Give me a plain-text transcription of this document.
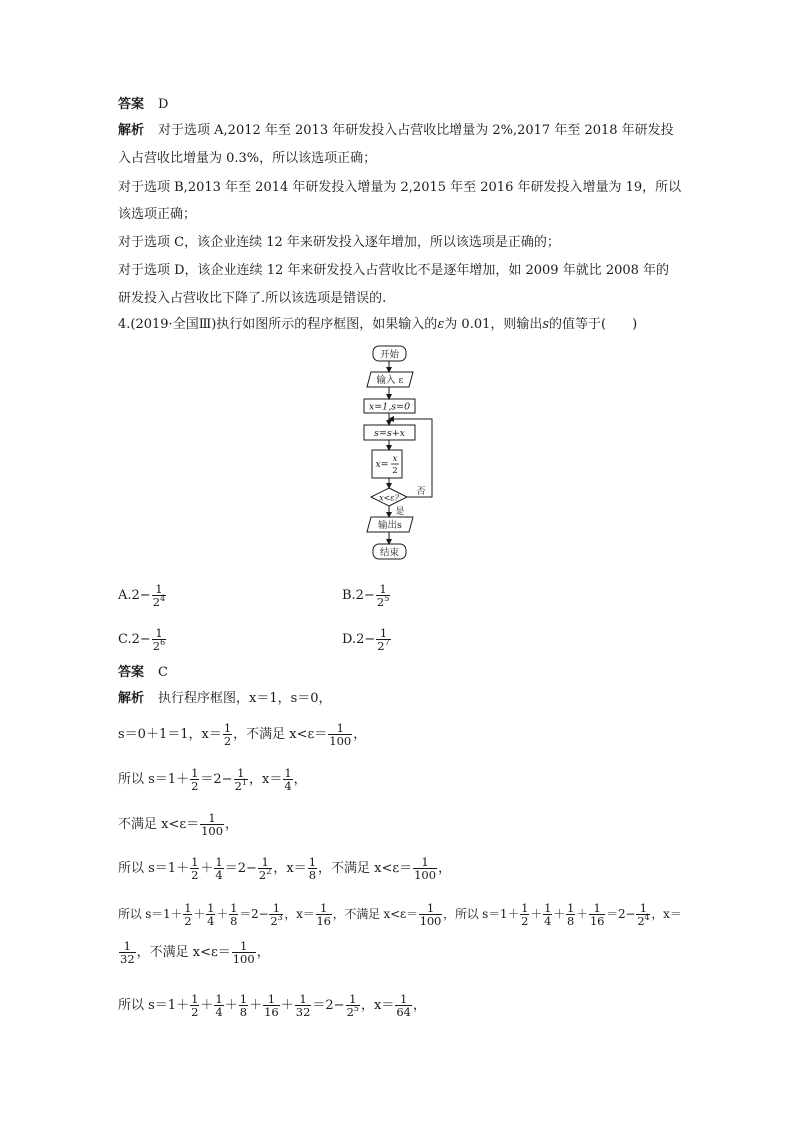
答案 D
解析 对于选项 A,2012 年至 2013 年研发投入占营收比增量为 2%,2017 年至 2018 年研发投
入占营收比增量为 0.3%，所以该选项正确；
对于选项 B,2013 年至 2014 年研发投入增量为 2,2015 年至 2016 年研发投入增量为 19，所以
该选项正确；
对于选项 C，该企业连续 12 年来研发投入逐年增加，所以该选项是正确的；
对于选项 D，该企业连续 12 年来研发投入占营收比不是逐年增加，如 2009 年就比 2008 年的
研发投入占营收比下降了.所以该选项是错误的.
4.(2019·全国Ⅲ)执行如图所示的程序框图，如果输入的ε为 0.01，则输出s的值等于(　　)
开始
输入 ε
x=1,s=0
s=s+x
x= x
2
x<ε?
输出s
结束
否
是
$A.2- \frac{1}{2^4}$	$B.2- \frac{1}{2^5}$
$C.2- \frac{1}{2^6}$	$D.2- \frac{1}{2^7}$
答案 C
解析 执行程序框图，x＝1，s＝0，
s＝0＋1＝1，$x= \frac{1}{2}$ ，不满足 $x<\varepsilon= \frac{1}{100}$ ，
所以 $s=1+ \frac{1}{2} =2- \frac{1}{2^1}$ ，$x= \frac{1}{4}$ ，
不满足 $x<\varepsilon= \frac{1}{100}$ ，
所以 $s=1+ \frac{1}{2} + \frac{1}{4} =2- \frac{1}{2^2}$ ，$x= \frac{1}{8}$ ，不满足 $x<\varepsilon= \frac{1}{100}$ ，
所以 $s=1+ \frac{1}{2} + \frac{1}{4} + \frac{1}{8} =2- \frac{1}{2^3}$ ，$x= \frac{1}{16}$ ，不满足 $x<\varepsilon= \frac{1}{100}$ ，所以 $s=1+ \frac{1}{2} + \frac{1}{4} + \frac{1}{8} + \frac{1}{16} =2- \frac{1}{2^4}$ ，x＝
$\frac{1}{32}$ ，不满足 $x<\varepsilon= \frac{1}{100}$ ，
所以 $s=1+ \frac{1}{2} + \frac{1}{4} + \frac{1}{8} + \frac{1}{16} + \frac{1}{32} =2- \frac{1}{2^5}$ ，$x= \frac{1}{64}$ ，
